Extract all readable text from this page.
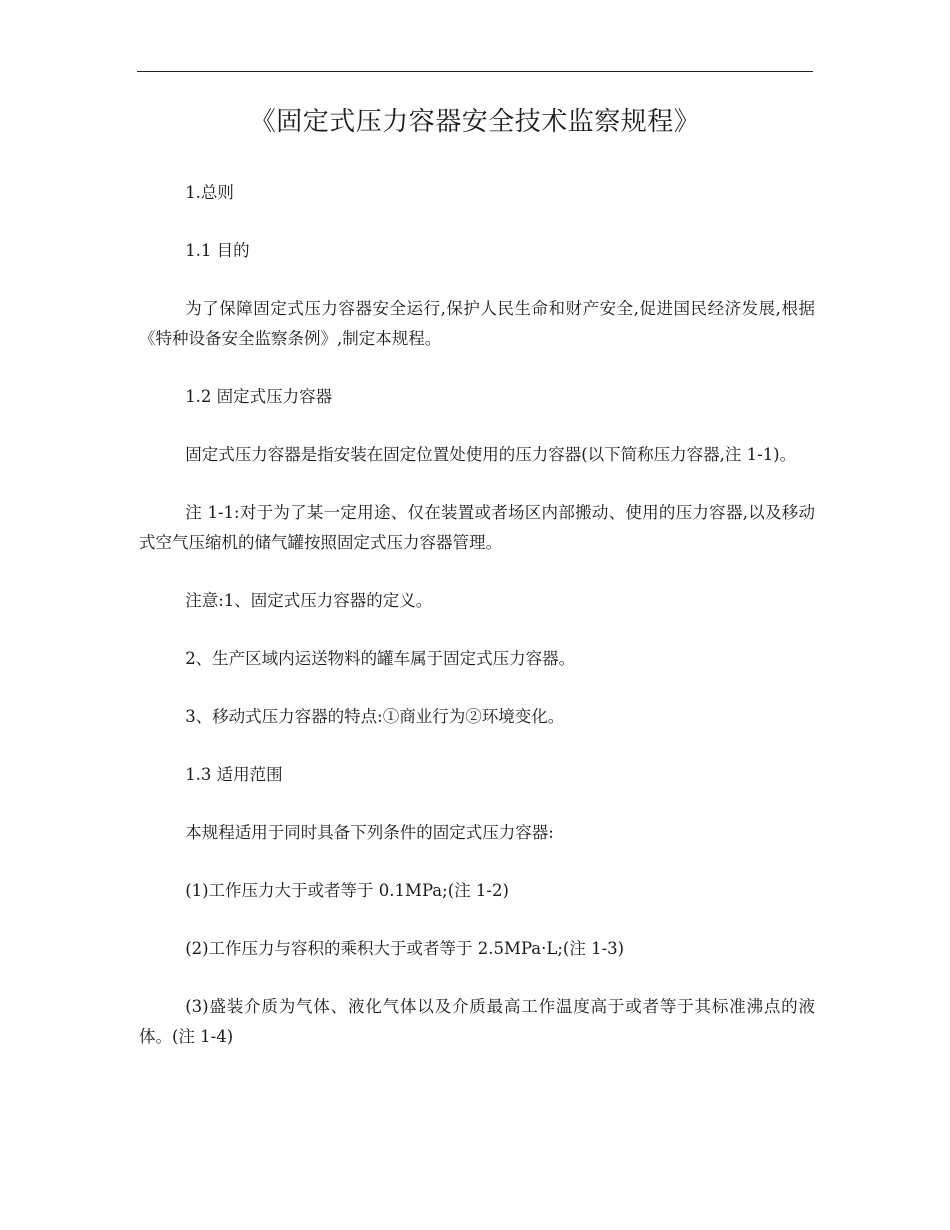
《固定式压力容器安全技术监察规程》

1.总则

1.1 目的

为了保障固定式压力容器安全运行,保护人民生命和财产安全,促进国民经济发展,根据《特种设备安全监察条例》,制定本规程。

1.2 固定式压力容器

固定式压力容器是指安装在固定位置处使用的压力容器(以下简称压力容器,注 1-1)。

注 1-1:对于为了某一定用途、仅在装置或者场区内部搬动、使用的压力容器,以及移动式空气压缩机的储气罐按照固定式压力容器管理。

注意:1、固定式压力容器的定义。

2、生产区域内运送物料的罐车属于固定式压力容器。

3、移动式压力容器的特点:①商业行为②环境变化。

1.3 适用范围

本规程适用于同时具备下列条件的固定式压力容器:

(1)工作压力大于或者等于 0.1MPa;(注 1-2)

(2)工作压力与容积的乘积大于或者等于 2.5MPa·L;(注 1-3)

(3)盛装介质为气体、液化气体以及介质最高工作温度高于或者等于其标准沸点的液体。(注 1-4)
